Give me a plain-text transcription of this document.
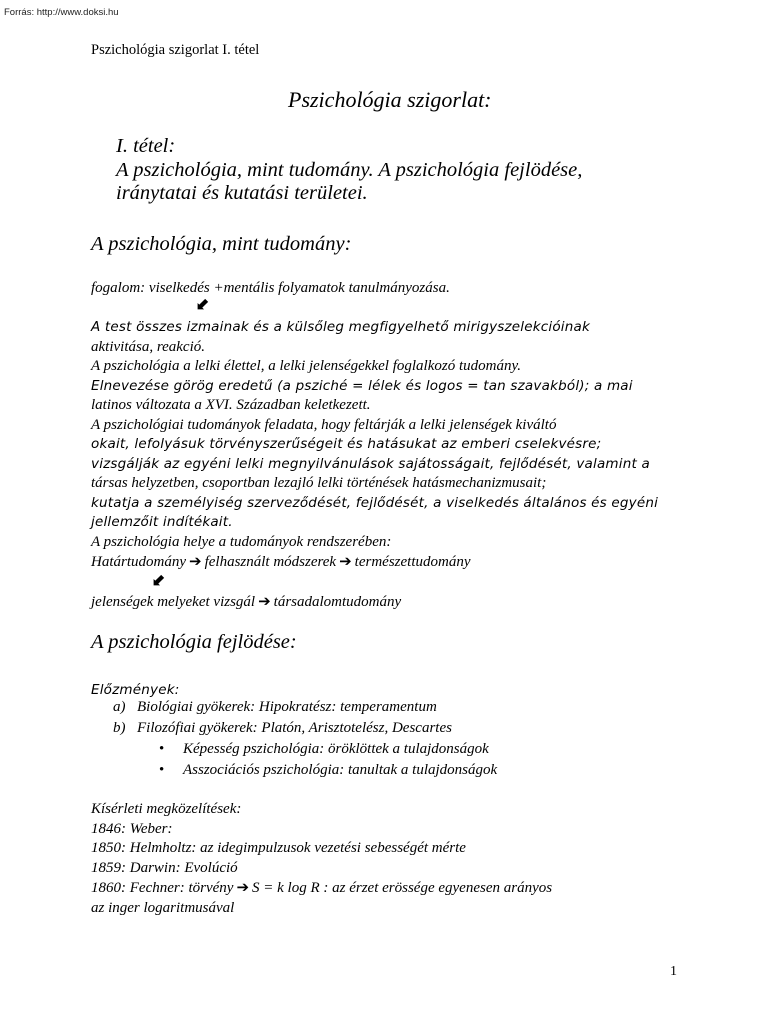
Forrás: http://www.doksi.hu
Pszichológia szigorlat I. tétel
Pszichológia szigorlat:
I. tétel:
A pszichológia, mint tudomány. A pszichológia fejlödése,
iránytatai és kutatási területei.
A pszichológia, mint tudomány:
fogalom: viselkedés +mentális folyamatok tanulmányozása.
⬋
A test összes izmainak és a külsőleg megfigyelhető mirigyszelekcióinak
aktivitása, reakció.
A pszichológia a lelki élettel, a lelki jelenségekkel foglalkozó tudomány.
Elnevezése görög eredetű (a psziché = lélek és logos = tan szavakból); a mai
latinos változata a XVI. Században keletkezett.
A pszichológiai tudományok feladata, hogy feltárják a lelki jelenségek kiváltó
okait, lefolyásuk törvényszerűségeit és hatásukat az emberi cselekvésre;
vizsgálják az egyéni lelki megnyilvánulások sajátosságait, fejlődését, valamint a
társas helyzetben, csoportban lezajló lelki történések hatásmechanizmusait;
kutatja a személyiség szerveződését, fejlődését, a viselkedés általános és egyéni
jellemzőit indítékait.
A pszichológia helye a tudományok rendszerében:
Határtudomány ➔ felhasznált módszerek ➔ természettudomány
⬋
jelenségek melyeket vizsgál ➔ társadalomtudomány
A pszichológia fejlödése:
Előzmények:
a) Biológiai gyökerek: Hipokratész: temperamentum
b) Filozófiai gyökerek: Platón, Arisztotelész, Descartes
• Képesség pszichológia: öröklöttek a tulajdonságok
• Asszociációs pszichológia: tanultak a tulajdonságok
Kísérleti megközelítések:
1846: Weber:
1850: Helmholtz: az idegimpulzusok vezetési sebességét mérte
1859: Darwin: Evolúció
1860: Fechner: törvény ➔ S = k log R : az érzet erössége egyenesen arányos
az inger logaritmusával
1
